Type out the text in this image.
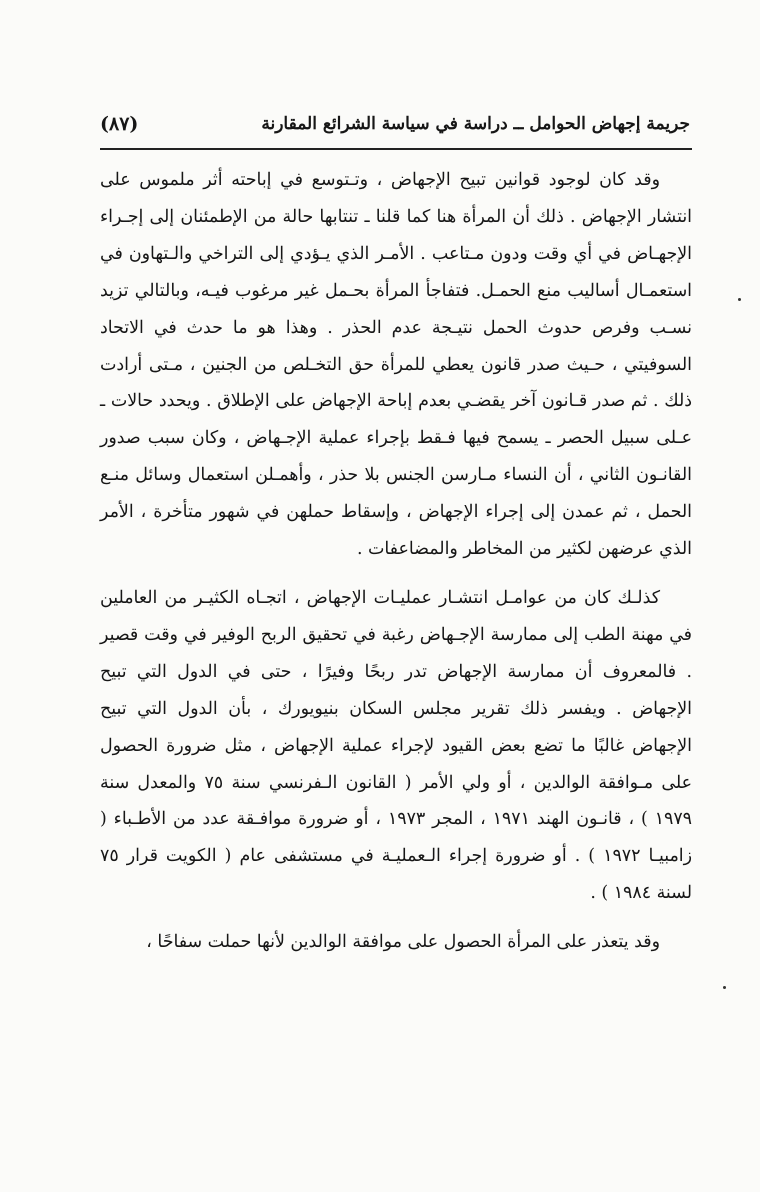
جريمة إجهاض الحوامل ــ دراسة في سياسة الشرائع المقارنة
(٨٧)

وقد كان لوجود قوانين تبيح الإجهاض ، وتـتوسع في إباحته أثر ملموس على انتشار الإجهاض . ذلك أن المرأة هنا كما قلنا ـ تنتابها حالة من الإطمئنان إلى إجـراء الإجهـاض في أي وقت ودون مـتاعب . الأمـر الذي يـؤدي إلى التراخي والـتهاون في استعمـال أساليب منع الحمـل. فتفاجأ المرأة بحـمل غير مرغوب فيـه، وبالتالي تزيد نسـب وفرص حدوث الحمل نتيـجة عدم الحذر . وهذا هو ما حدث في الاتحاد السوفيتي ، حـيث صدر قانون يعطي للمرأة حق التخـلص من الجنين ، مـتى أرادت ذلك . ثم صدر قـانون آخر يقضـي بعدم إباحة الإجهاض على الإطلاق . ويحدد حالات ـ عـلى سبيل الحصر ـ يسمح فيها فـقط بإجراء عملية الإجـهاض ، وكان سبب صدور القانـون الثاني ، أن النساء مـارسن الجنس بلا حذر ، وأهمـلن استعمال وسائل منـع الحمل ، ثم عمدن إلى إجراء الإجهاض ، وإسقاط حملهن في شهور متأخرة ، الأمر الذي عرضهن لكثير من المخاطر والمضاعفات .

كذلـك كان من عوامـل انتشـار عمليـات الإجهاض ، اتجـاه الكثيـر من العاملين في مهنة الطب إلى ممارسة الإجـهاض رغبة في تحقيق الربح الوفير في وقت قصير . فالمعروف أن ممارسة الإجهاض تدر ربحًا وفيرًا ، حتى في الدول التي تبيح الإجهاض . ويفسر ذلك تقرير مجلس السكان بنيويورك ، بأن الدول التي تبيح الإجهاض غالبًا ما تضع بعض القيود لإجراء عملية الإجهاض ، مثل ضرورة الحصول على مـوافقة الوالدين ، أو ولي الأمر ( القانون الـفرنسي سنة ٧٥ والمعدل سنة ١٩٧٩ ) ، قانـون الهند ١٩٧١ ، المجر ١٩٧٣ ، أو ضرورة موافـقة عدد من الأطـباء ( زامبيـا ١٩٧٢ ) . أو ضرورة إجراء الـعمليـة في مستشفى عام ( الكويت قرار ٧٥ لسنة ١٩٨٤ ) .

وقد يتعذر على المرأة الحصول على موافقة الوالدين لأنها حملت سفاحًا ،
